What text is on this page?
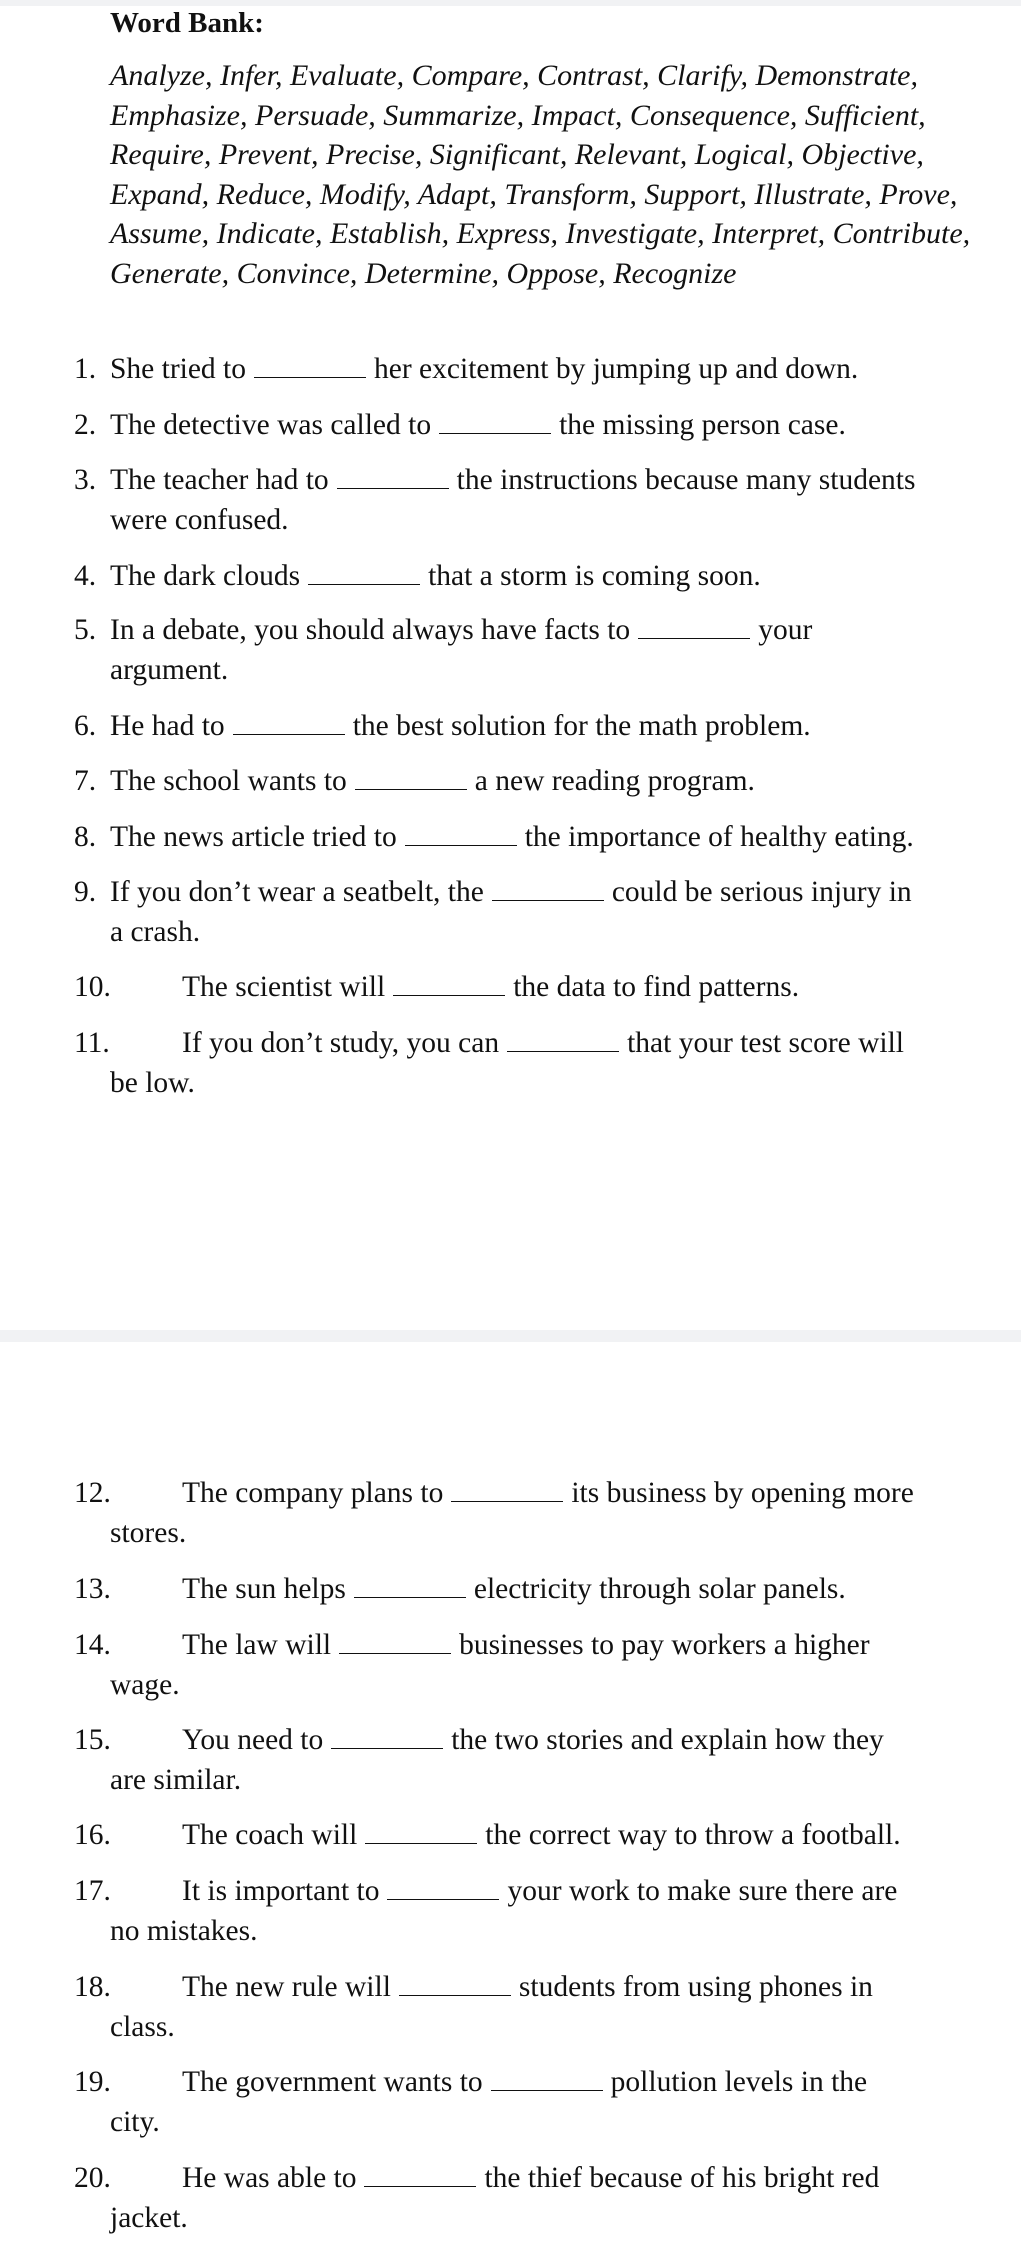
Word Bank:
Analyze, Infer, Evaluate, Compare, Contrast, Clarify, Demonstrate, Emphasize, Persuade, Summarize, Impact, Consequence, Sufficient, Require, Prevent, Precise, Significant, Relevant, Logical, Objective, Expand, Reduce, Modify, Adapt, Transform, Support, Illustrate, Prove, Assume, Indicate, Establish, Express, Investigate, Interpret, Contribute, Generate, Convince, Determine, Oppose, Recognize
1. She tried to	her excitement by jumping up and down.
2. The detective was called to	the missing person case.
3. The teacher had to	the instructions because many students
were confused.
4. The dark clouds	that a storm is coming soon.
5. In a debate, you should always have facts to	your
argument.
6. He had to	the best solution for the math problem.
7. The school wants to	a new reading program.
8. The news article tried to	the importance of healthy eating.
9. If you don’t wear a seatbelt, the	could be serious injury in
a crash.
10. The scientist will	the data to find patterns.
11. If you don’t study, you can	that your test score will
be low.
12. The company plans to	its business by opening more
stores.
13. The sun helps	electricity through solar panels.
14. The law will	businesses to pay workers a higher
wage.
15. You need to	the two stories and explain how they
are similar.
16. The coach will	the correct way to throw a football.
17. It is important to	your work to make sure there are
no mistakes.
18. The new rule will	students from using phones in
class.
19. The government wants to	pollution levels in the
city.
20. He was able to	the thief because of his bright red
jacket.
